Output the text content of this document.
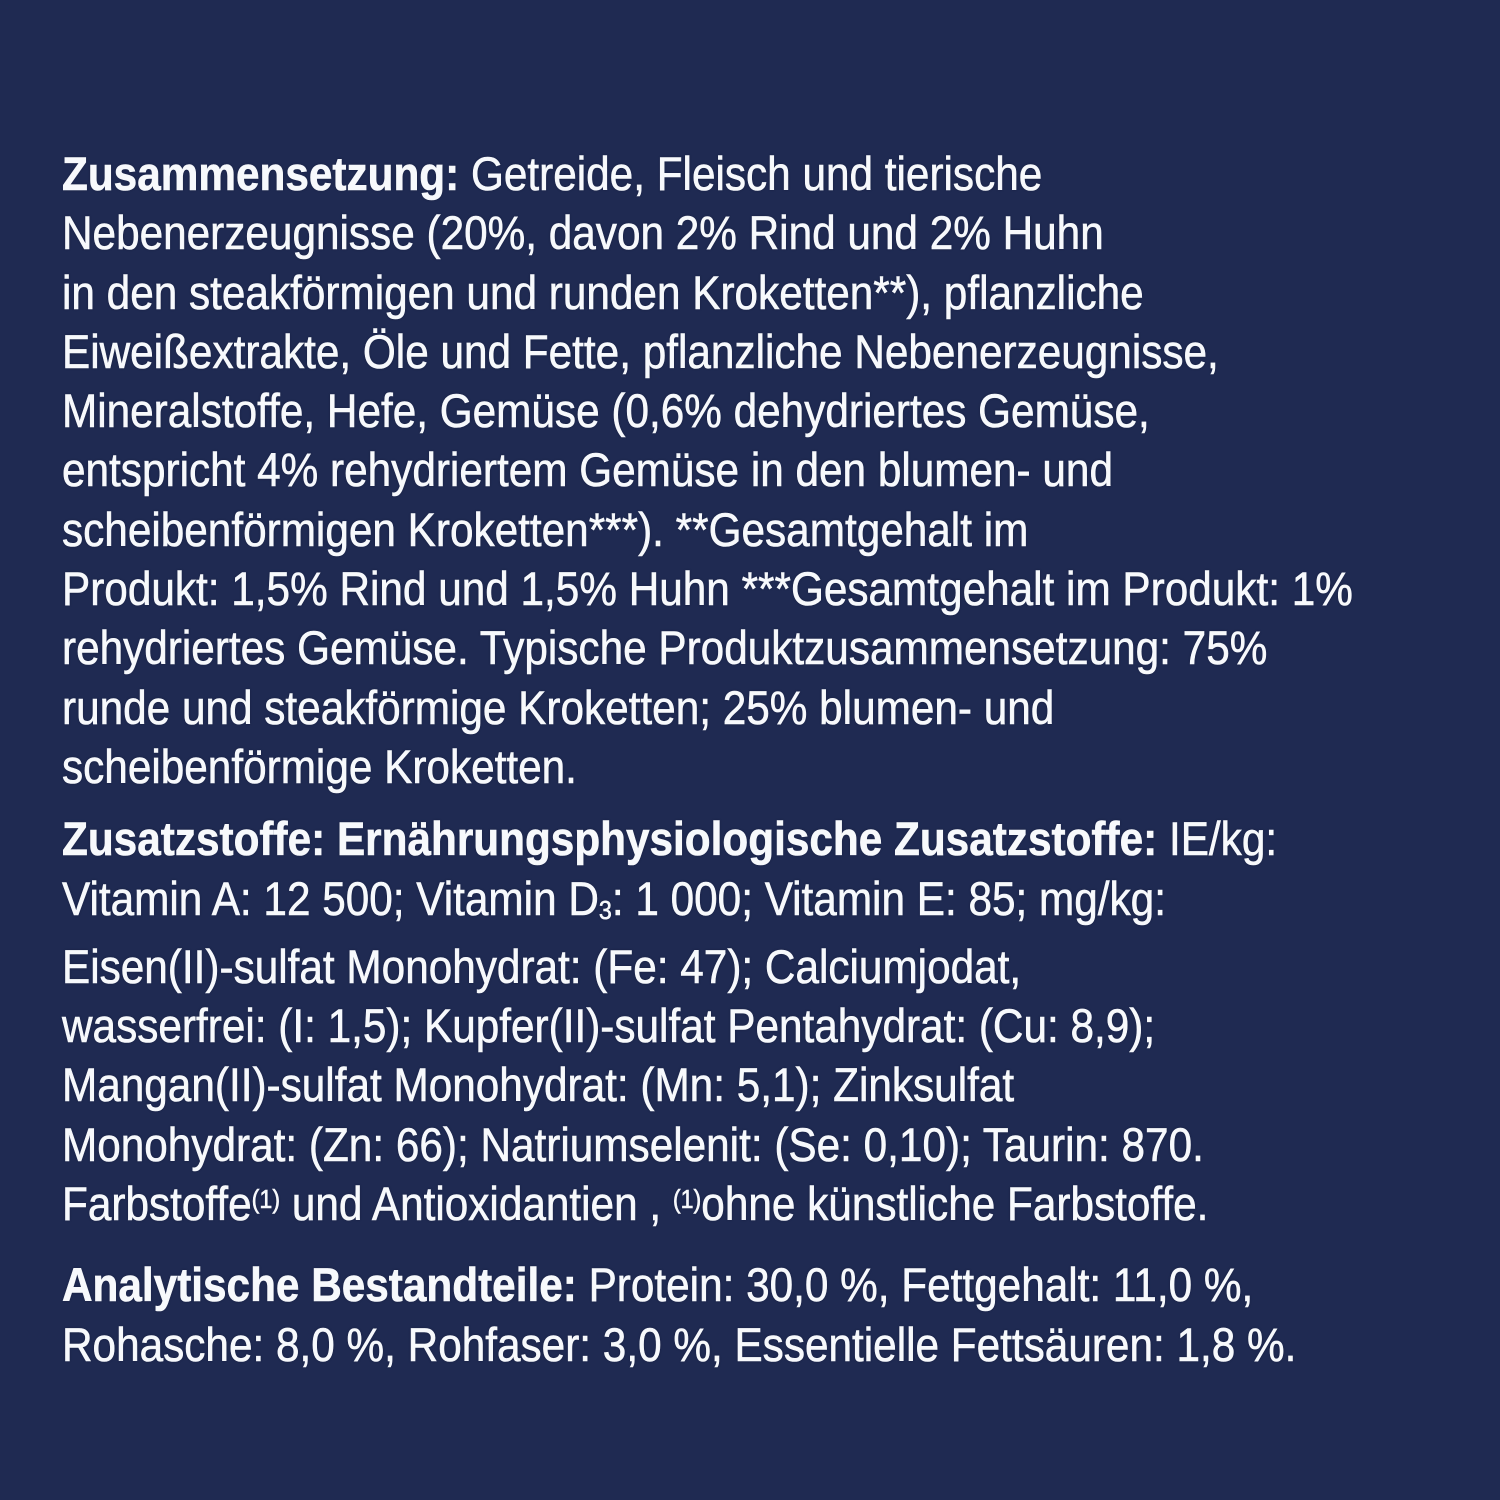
Zusammensetzung: Getreide, Fleisch und tierische
Nebenerzeugnisse (20%, davon 2% Rind und 2% Huhn
in den steakförmigen und runden Kroketten**), pflanzliche
Eiweißextrakte, Öle und Fette, pflanzliche Nebenerzeugnisse,
Mineralstoffe, Hefe, Gemüse (0,6% dehydriertes Gemüse,
entspricht 4% rehydriertem Gemüse in den blumen- und
scheibenförmigen Kroketten***). **Gesamtgehalt im
Produkt: 1,5% Rind und 1,5% Huhn ***Gesamtgehalt im Produkt: 1%
rehydriertes Gemüse. Typische Produktzusammensetzung: 75%
runde und steakförmige Kroketten; 25% blumen- und
scheibenförmige Kroketten.
Zusatzstoffe: Ernährungsphysiologische Zusatzstoffe: IE/kg:
Vitamin A: 12 500; Vitamin D3: 1 000; Vitamin E: 85; mg/kg:
Eisen(II)-sulfat Monohydrat: (Fe: 47); Calciumjodat,
wasserfrei: (I: 1,5); Kupfer(II)-sulfat Pentahydrat: (Cu: 8,9);
Mangan(II)-sulfat Monohydrat: (Mn: 5,1); Zinksulfat
Monohydrat: (Zn: 66); Natriumselenit: (Se: 0,10); Taurin: 870.
Farbstoffe$^{(1)}$ und Antioxidantien , $^{(1)}$ohne künstliche Farbstoffe.
Analytische Bestandteile: Protein: 30,0 %, Fettgehalt: 11,0 %,
Rohasche: 8,0 %, Rohfaser: 3,0 %, Essentielle Fettsäuren: 1,8 %.
